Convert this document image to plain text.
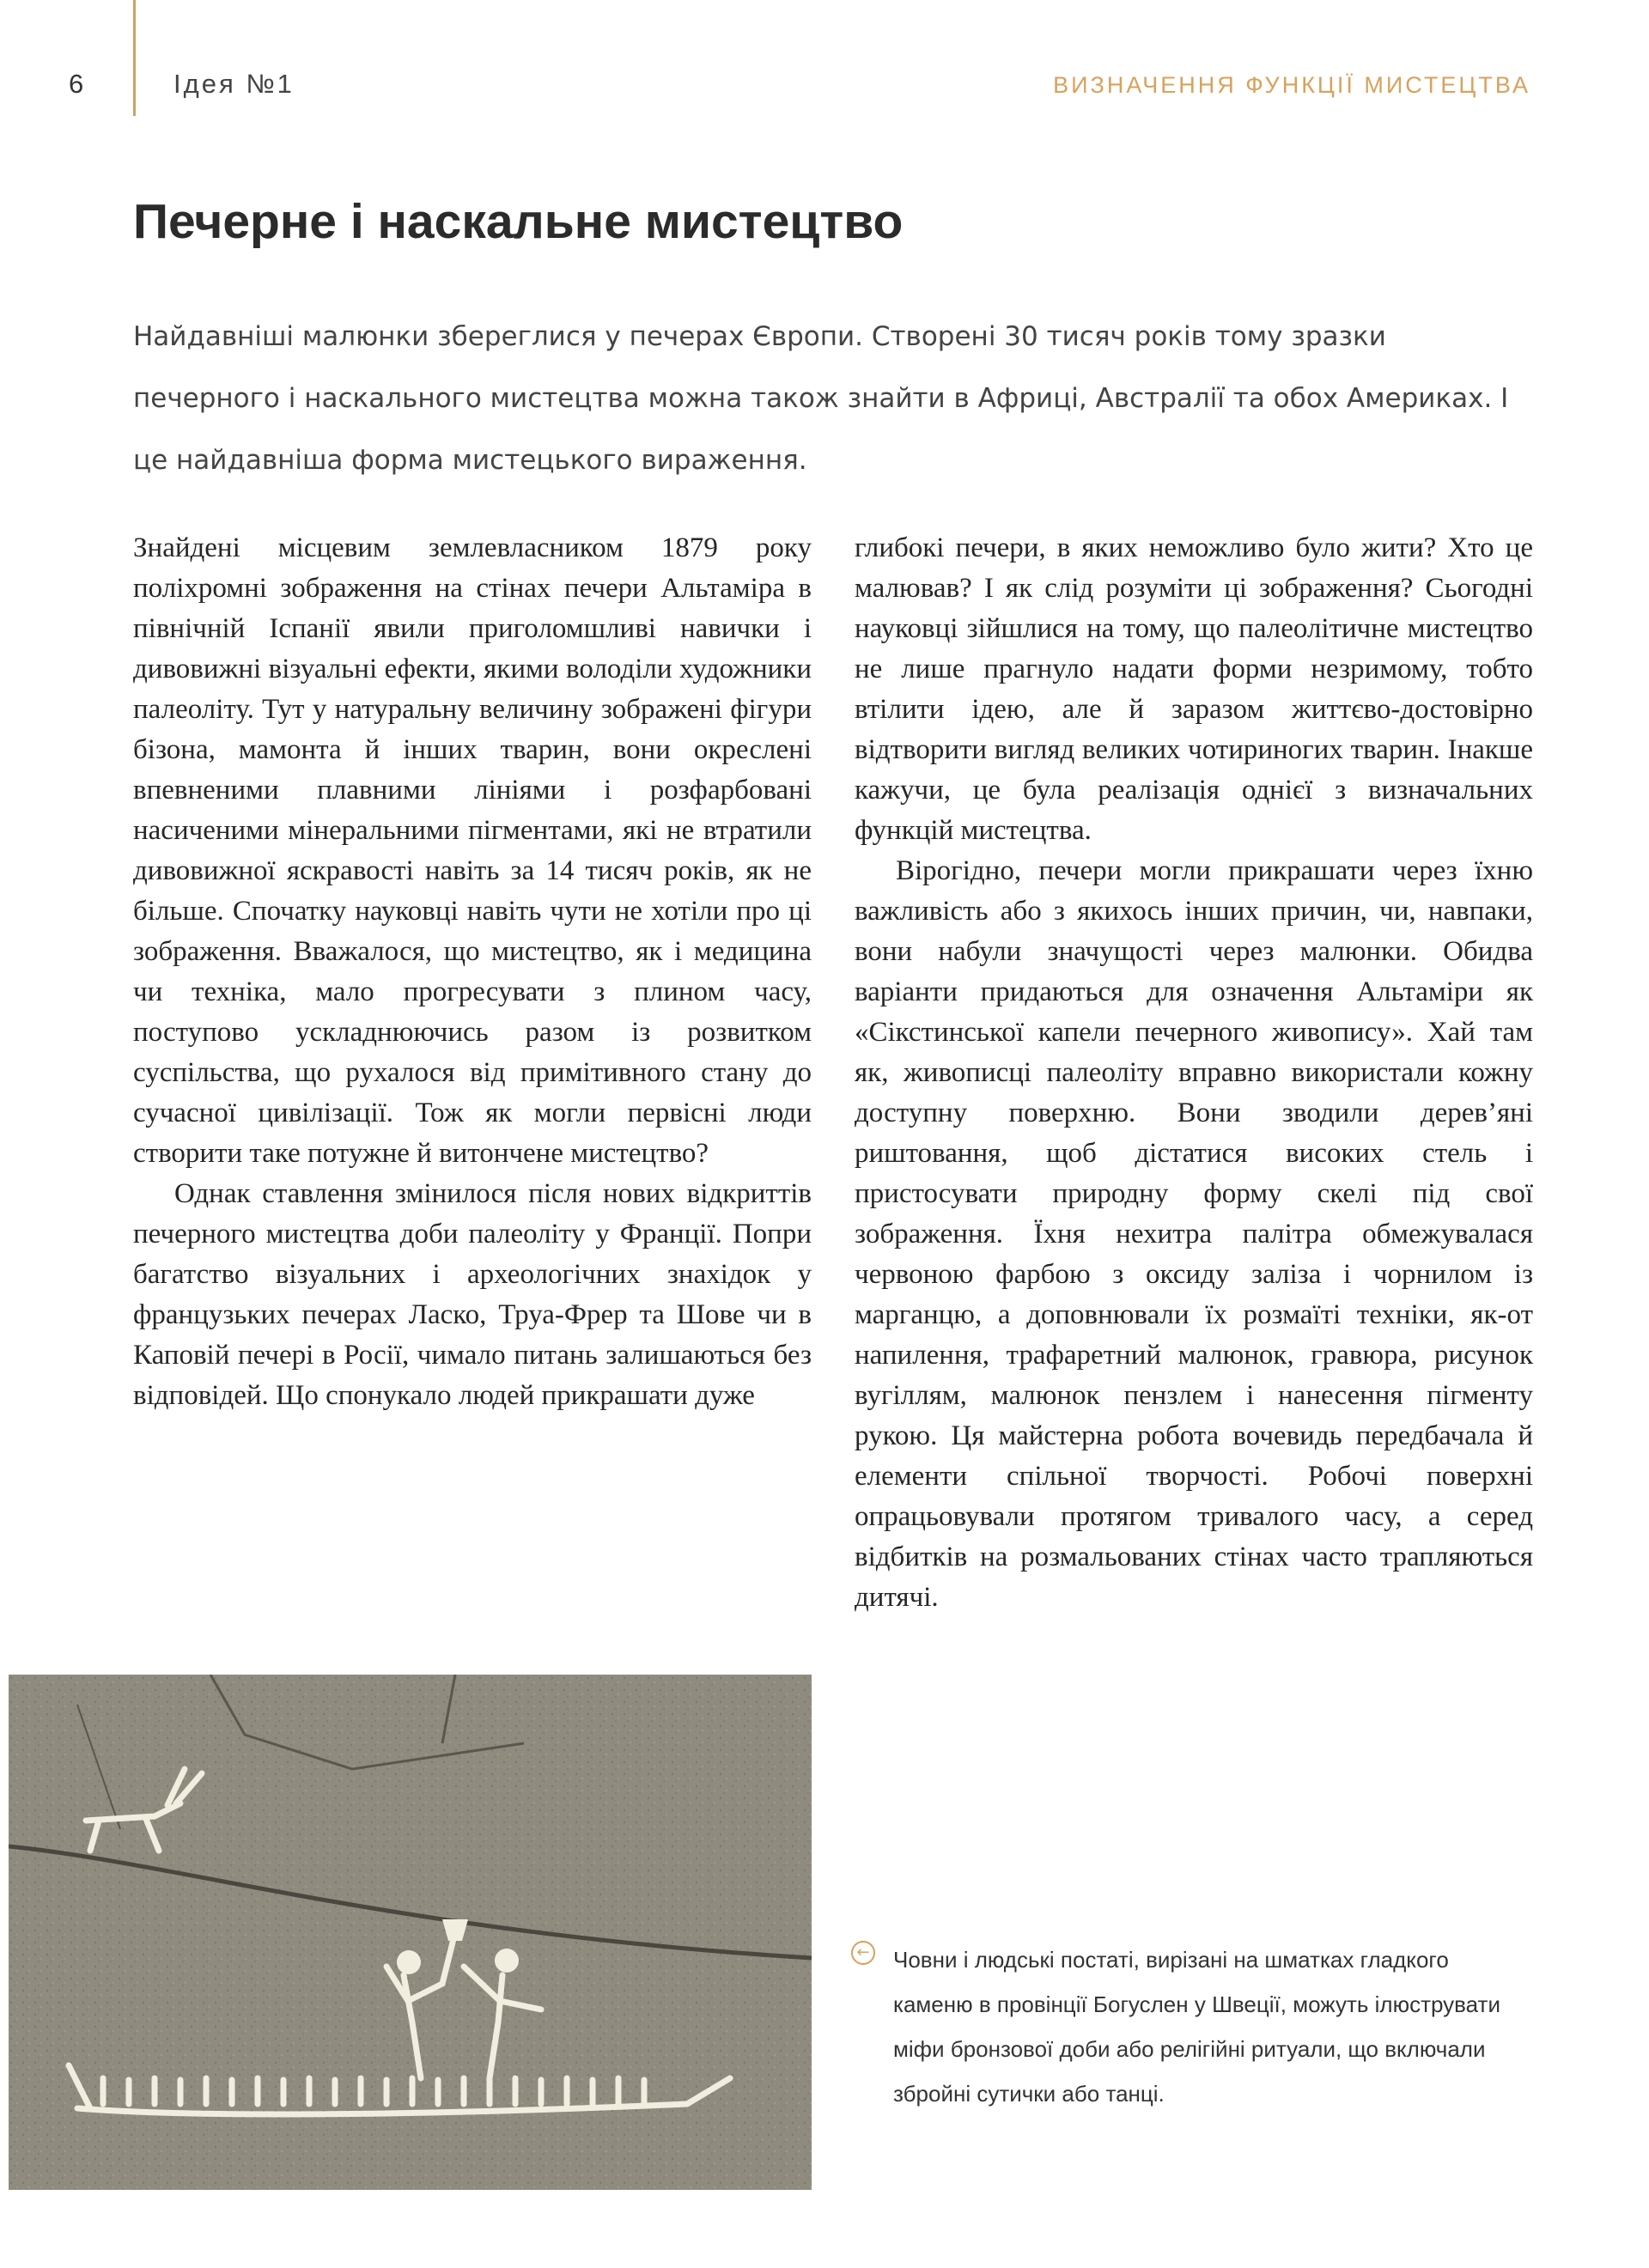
6	Ідея №1	ВИЗНАЧЕННЯ ФУНКЦІЇ МИСТЕЦТВА
Печерне і наскальне мистецтво

Найдавніші малюнки збереглися у печерах Європи. Створені 30 тисяч років тому зразки печерного і наскального мистецтва можна також знайти в Африці, Австралії та обох Америках. І це найдавніша форма мистецького вираження.

Знайдені місцевим землевласником 1879 року поліхромні зображення на стінах печери Альтаміра в північній Іспанії явили приголомшливі навички і дивовижні візуальні ефекти, якими володіли художники палеоліту. Тут у натуральну величину зображені фігури бізона, мамонта й інших тварин, вони окреслені впевненими плавними лініями і розфарбовані насиченими мінеральними пігментами, які не втратили дивовижної яскравості навіть за 14 тисяч років, як не більше. Спочатку науковці навіть чути не хотіли про ці зображення. Вважалося, що мистецтво, як і медицина чи техніка, мало прогресувати з плином часу, поступово ускладнюючись разом із розвитком суспільства, що рухалося від примітивного стану до сучасної цивілізації. Тож як могли первісні люди створити таке потужне й витончене мистецтво?

Однак ставлення змінилося після нових відкриттів печерного мистецтва доби палеоліту у Франції. Попри багатство візуальних і археологічних знахідок у французьких печерах Ласко, Труа-Фрер та Шове чи в Каповій печері в Росії, чимало питань залишаються без відповідей. Що спонукало людей прикрашати дуже

глибокі печери, в яких неможливо було жити? Хто це малював? І як слід розуміти ці зображення? Сьогодні науковці зійшлися на тому, що палеолітичне мистецтво не лише прагнуло надати форми незримому, тобто втілити ідею, але й заразом життєво-достовірно відтворити вигляд великих чотириногих тварин. Інакше кажучи, це була реалізація однієї з визначальних функцій мистецтва.

Вірогідно, печери могли прикрашати через їхню важливість або з якихось інших причин, чи, навпаки, вони набули значущості через малюнки. Обидва варіанти придаються для означення Альтаміри як «Сікстинської капели печерного живопису». Хай там як, живописці палеоліту вправно використали кожну доступну поверхню. Вони зводили дерев’яні риштовання, щоб дістатися високих стель і пристосувати природну форму скелі під свої зображення. Їхня нехитра палітра обмежувалася червоною фарбою з оксиду заліза і чорнилом із марганцю, а доповнювали їх розмаїті техніки, як-от напилення, трафаретний малюнок, гравюра, рисунок вугіллям, малюнок пензлем і нанесення пігменту рукою. Ця майстерна робота вочевидь передбачала й елементи спільної творчості. Робочі поверхні опрацьовували протягом тривалого часу, а серед відбитків на розмальованих стінах часто трапляються дитячі.

← Човни і людські постаті, вирізані на шматках гладкого каменю в провінції Богуслен у Швеції, можуть ілюструвати міфи бронзової доби або релігійні ритуали, що включали збройні сутички або танці.
